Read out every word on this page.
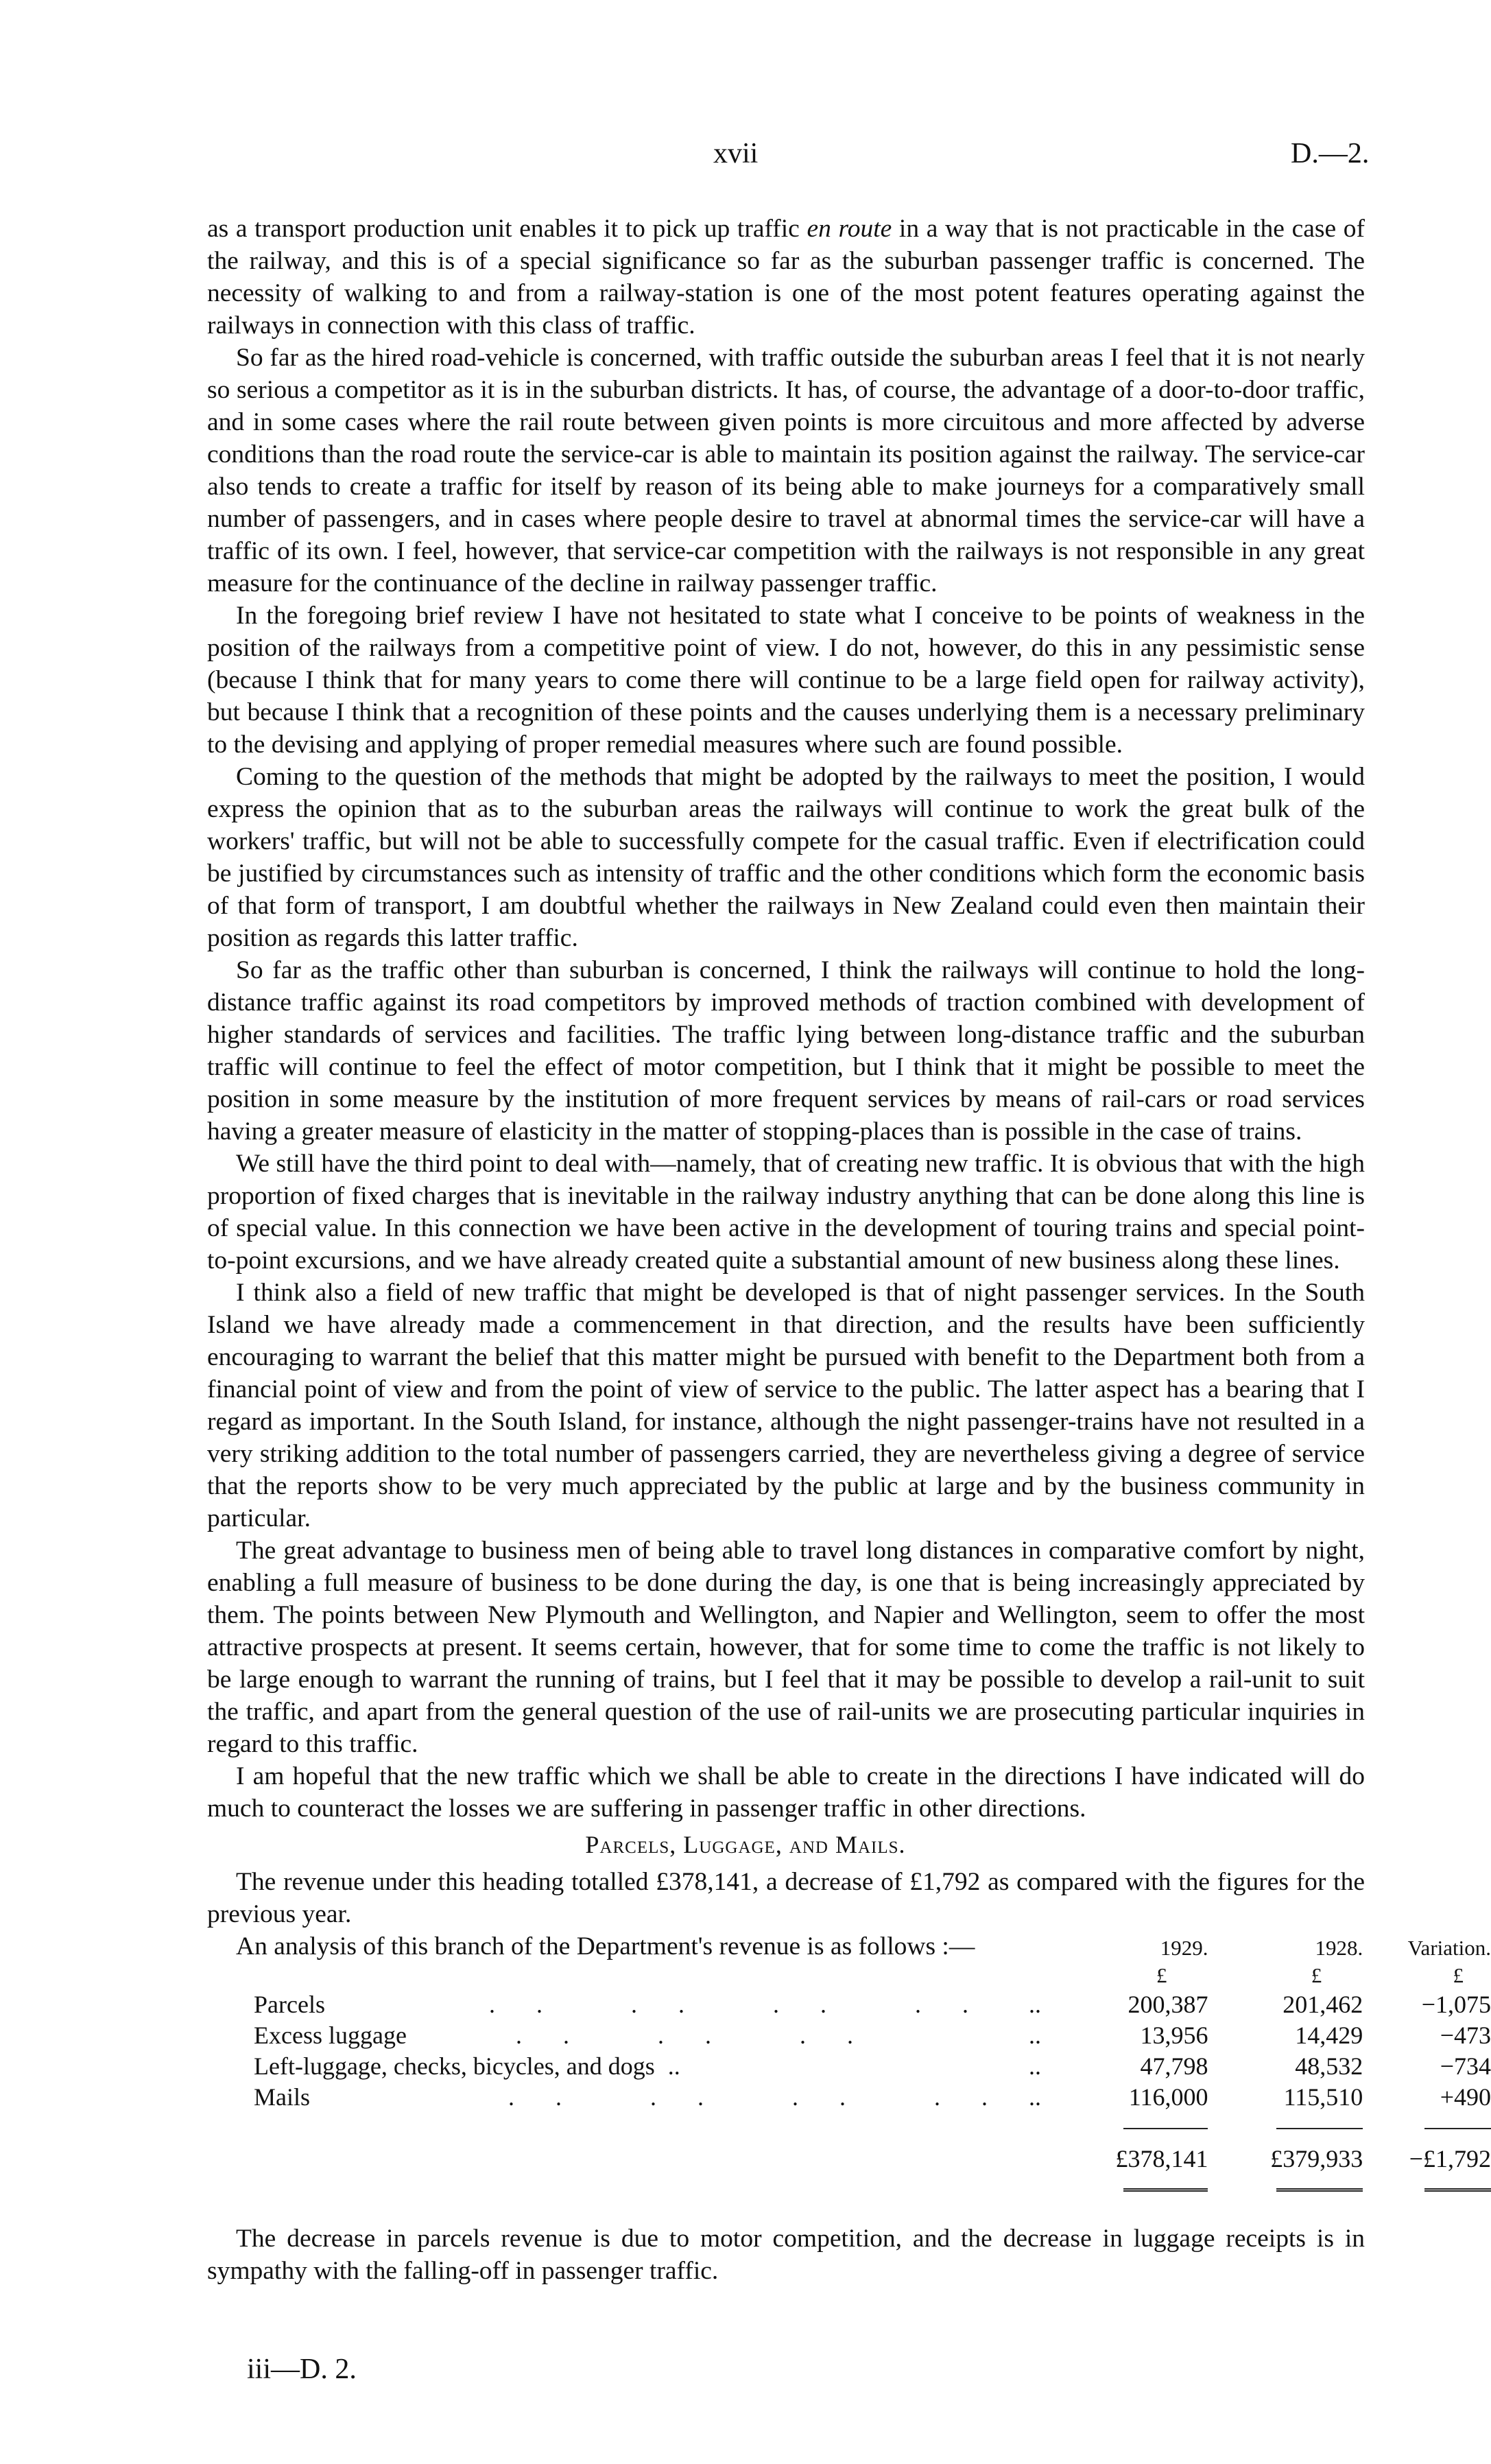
xvii	D.—2.

as a transport production unit enables it to pick up traffic en route in a way that is not practicable in the case of the railway, and this is of a special significance so far as the suburban passenger traffic is concerned. The necessity of walking to and from a railway-station is one of the most potent features operating against the railways in connection with this class of traffic.

So far as the hired road-vehicle is concerned, with traffic outside the suburban areas I feel that it is not nearly so serious a competitor as it is in the suburban districts. It has, of course, the advantage of a door-to-door traffic, and in some cases where the rail route between given points is more circuitous and more affected by adverse conditions than the road route the service-car is able to maintain its position against the railway. The service-car also tends to create a traffic for itself by reason of its being able to make journeys for a comparatively small number of passengers, and in cases where people desire to travel at abnormal times the service-car will have a traffic of its own. I feel, however, that service-car competition with the railways is not responsible in any great measure for the continuance of the decline in railway passenger traffic.

In the foregoing brief review I have not hesitated to state what I conceive to be points of weakness in the position of the railways from a competitive point of view. I do not, however, do this in any pessimistic sense (because I think that for many years to come there will continue to be a large field open for railway activity), but because I think that a recognition of these points and the causes underlying them is a necessary preliminary to the devising and applying of proper remedial measures where such are found possible.

Coming to the question of the methods that might be adopted by the railways to meet the position, I would express the opinion that as to the suburban areas the railways will continue to work the great bulk of the workers' traffic, but will not be able to successfully compete for the casual traffic. Even if electrification could be justified by circumstances such as intensity of traffic and the other conditions which form the economic basis of that form of transport, I am doubtful whether the railways in New Zealand could even then maintain their position as regards this latter traffic.

So far as the traffic other than suburban is concerned, I think the railways will continue to hold the long-distance traffic against its road competitors by improved methods of traction combined with development of higher standards of services and facilities. The traffic lying between long-distance traffic and the suburban traffic will continue to feel the effect of motor competition, but I think that it might be possible to meet the position in some measure by the institution of more frequent services by means of rail-cars or road services having a greater measure of elasticity in the matter of stopping-places than is possible in the case of trains.

We still have the third point to deal with—namely, that of creating new traffic. It is obvious that with the high proportion of fixed charges that is inevitable in the railway industry anything that can be done along this line is of special value. In this connection we have been active in the development of touring trains and special point-to-point excursions, and we have already created quite a substantial amount of new business along these lines.

I think also a field of new traffic that might be developed is that of night passenger services. In the South Island we have already made a commencement in that direction, and the results have been sufficiently encouraging to warrant the belief that this matter might be pursued with benefit to the Department both from a financial point of view and from the point of view of service to the public. The latter aspect has a bearing that I regard as important. In the South Island, for instance, although the night passenger-trains have not resulted in a very striking addition to the total number of passengers carried, they are nevertheless giving a degree of service that the reports show to be very much appreciated by the public at large and by the business community in particular.

The great advantage to business men of being able to travel long distances in comparative comfort by night, enabling a full measure of business to be done during the day, is one that is being increasingly appreciated by them. The points between New Plymouth and Wellington, and Napier and Wellington, seem to offer the most attractive prospects at present. It seems certain, however, that for some time to come the traffic is not likely to be large enough to warrant the running of trains, but I feel that it may be possible to develop a rail-unit to suit the traffic, and apart from the general question of the use of rail-units we are prosecuting particular inquiries in regard to this traffic.

I am hopeful that the new traffic which we shall be able to create in the directions I have indicated will do much to counteract the losses we are suffering in passenger traffic in other directions.

Parcels, Luggage, and Mails.

The revenue under this heading totalled £378,141, a decrease of £1,792 as compared with the figures for the previous year.

An analysis of this branch of the Department's revenue is as follows :—

			1929.	1928.	Variation.
		£	£	£
Parcels .. .. .. ..	..	200,387	201,462	−1,075
Excess luggage .. .. ..	..	13,956	14,429	−473
Left-luggage, checks, bicycles, and dogs ..	..	47,798	48,532	−734
Mails .. .. .. ..	..	116,000	115,510	+490

		£378,141	£379,933	−£1,792

The decrease in parcels revenue is due to motor competition, and the decrease in luggage receipts is in sympathy with the falling-off in passenger traffic.

iii—D. 2.
